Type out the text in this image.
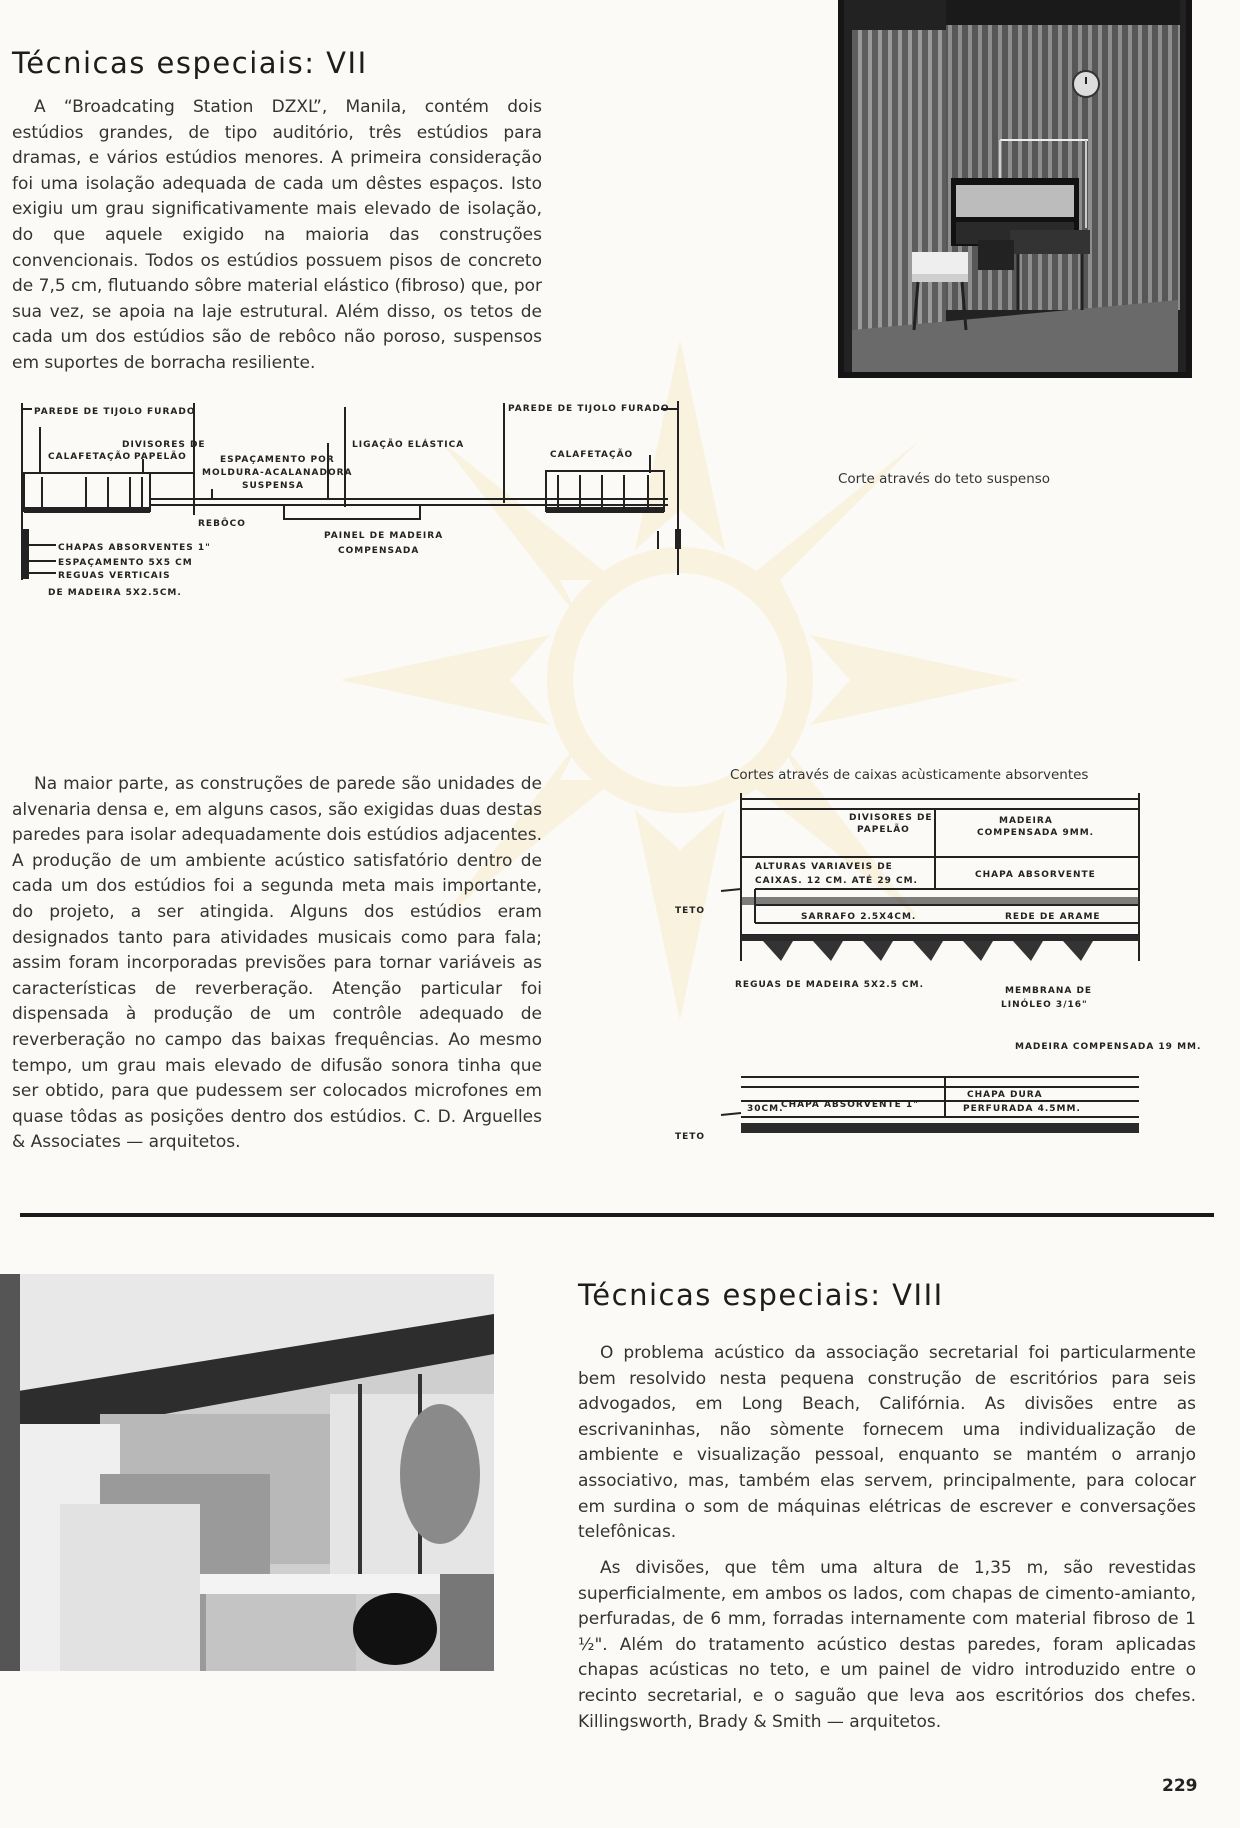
Técnicas especiais: VII

A “Broadcating Station DZXL”, Manila, contém dois estúdios grandes, de tipo auditório, três estúdios para dramas, e vários estúdios menores. A primeira consideração foi uma isolação adequada de cada um dêstes espaços. Isto exigiu um grau significativamente mais elevado de isolação, do que aquele exigido na maioria das construções convencionais. Todos os estúdios possuem pisos de concreto de 7,5 cm, flutuando sôbre material elástico (fibroso) que, por sua vez, se apoia na laje estrutural. Além disso, os tetos de cada um dos estúdios são de rebôco não poroso, suspensos em suportes de borracha resiliente.

PAREDE DE TIJOLO FURADO	PAREDE DE TIJOLO FURADO
DIVISORES DE
PAPELÃO
CALAFETAÇÃO	CALAFETAÇÃO
ESPAÇAMENTO POR
MOLDURA-ACALANADORA
SUSPENSA
LIGAÇÃO ELÁSTICA
REBÔCO
PAINEL DE MADEIRA
COMPENSADA
CHAPAS ABSORVENTES 1"
ESPAÇAMENTO 5X5 CM
REGUAS VERTICAIS
DE MADEIRA 5X2.5CM.
Corte através do teto suspenso

Na maior parte, as construções de parede são unidades de alvenaria densa e, em alguns casos, são exigidas duas destas paredes para isolar adequadamente dois estúdios adjacentes. A produção de um ambiente acústico satisfatório dentro de cada um dos estúdios foi a segunda meta mais importante, do projeto, a ser atingida. Alguns dos estúdios eram designados tanto para atividades musicais como para fala; assim foram incorporadas previsões para tornar variáveis as características de reverberação. Atenção particular foi dispensada à produção de um contrôle adequado de reverberação no campo das baixas frequências. Ao mesmo tempo, um grau mais elevado de difusão sonora tinha que ser obtido, para que pudessem ser colocados microfones em quase tôdas as posições dentro dos estúdios. C. D. Arguelles & Associates — arquitetos.

Cortes através de caixas acùsticamente absorventes
DIVISORES DE
PAPELÃO
MADEIRA
COMPENSADA 9MM.
ALTURAS VARIAVEIS DE
CAIXAS. 12 CM. ATÉ 29 CM.
CHAPA ABSORVENTE
TETO
SARRAFO 2.5X4CM.	REDE DE ARAME
REGUAS DE MADEIRA 5X2.5 CM.
MEMBRANA DE
LINÓLEO 3/16"
MADEIRA COMPENSADA 19 MM.
30CM.
CHAPA ABSORVENTE 1"
CHAPA DURA
PERFURADA 4.5MM.
TETO
Técnicas especiais: VIII

O problema acústico da associação secretarial foi particularmente bem resolvido nesta pequena construção de escritórios para seis advogados, em Long Beach, Califórnia. As divisões entre as escrivaninhas, não sòmente fornecem uma individualização de ambiente e visualização pessoal, enquanto se mantém o arranjo associativo, mas, também elas servem, principalmente, para colocar em surdina o som de máquinas elétricas de escrever e conversações telefônicas.

As divisões, que têm uma altura de 1,35 m, são revestidas superficialmente, em ambos os lados, com chapas de cimento-amianto, perfuradas, de 6 mm, forradas internamente com material fibroso de 1 ½". Além do tratamento acústico destas paredes, foram aplicadas chapas acústicas no teto, e um painel de vidro introduzido entre o recinto secretarial, e o saguão que leva aos escritórios dos chefes. Killingsworth, Brady & Smith — arquitetos.

229
